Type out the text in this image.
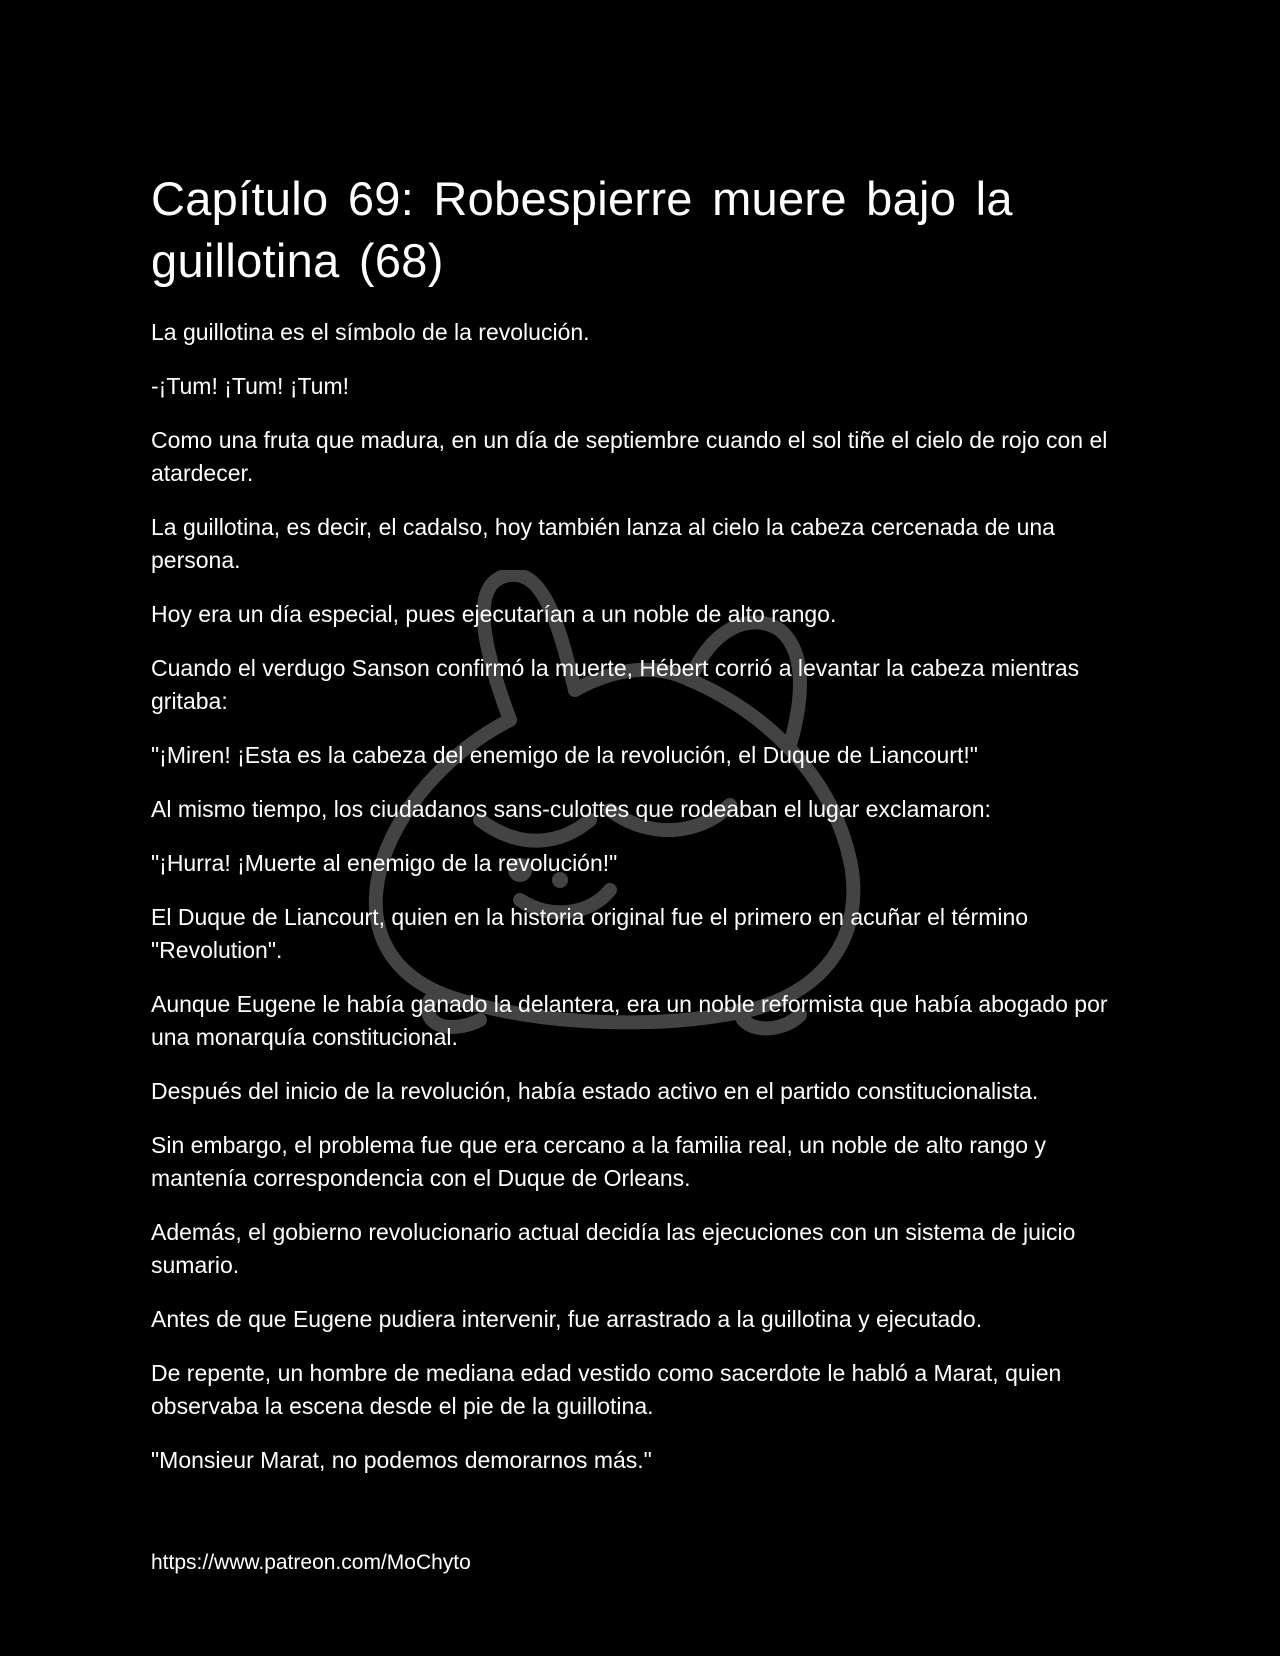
Capítulo 69: Robespierre muere bajo la guillotina (68)

La guillotina es el símbolo de la revolución.

-¡Tum! ¡Tum! ¡Tum!

Como una fruta que madura, en un día de septiembre cuando el sol tiñe el cielo de rojo con el atardecer.

La guillotina, es decir, el cadalso, hoy también lanza al cielo la cabeza cercenada de una persona.

Hoy era un día especial, pues ejecutarían a un noble de alto rango.

Cuando el verdugo Sanson confirmó la muerte, Hébert corrió a levantar la cabeza mientras gritaba:

"¡Miren! ¡Esta es la cabeza del enemigo de la revolución, el Duque de Liancourt!"

Al mismo tiempo, los ciudadanos sans-culottes que rodeaban el lugar exclamaron:

"¡Hurra! ¡Muerte al enemigo de la revolución!"

El Duque de Liancourt, quien en la historia original fue el primero en acuñar el término "Revolution".

Aunque Eugene le había ganado la delantera, era un noble reformista que había abogado por una monarquía constitucional.

Después del inicio de la revolución, había estado activo en el partido constitucionalista.

Sin embargo, el problema fue que era cercano a la familia real, un noble de alto rango y mantenía correspondencia con el Duque de Orleans.

Además, el gobierno revolucionario actual decidía las ejecuciones con un sistema de juicio sumario.

Antes de que Eugene pudiera intervenir, fue arrastrado a la guillotina y ejecutado.

De repente, un hombre de mediana edad vestido como sacerdote le habló a Marat, quien observaba la escena desde el pie de la guillotina.

"Monsieur Marat, no podemos demorarnos más."

https://www.patreon.com/MoChyto
